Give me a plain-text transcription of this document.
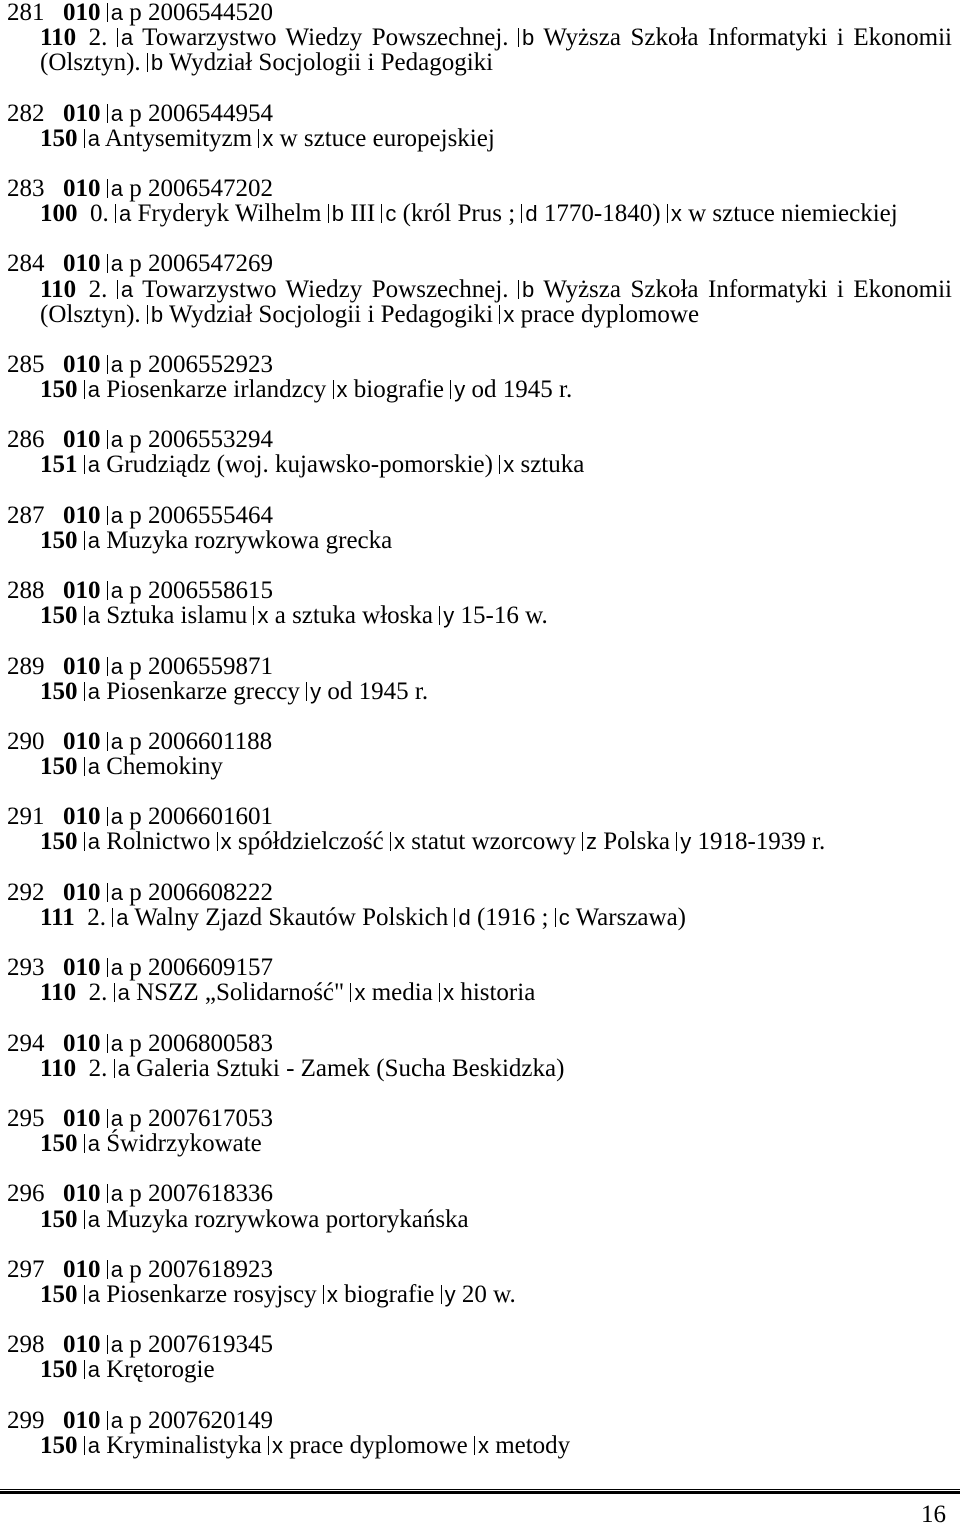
281 010 a p 2006544520
110 2. a Towarzystwo Wiedzy Powszechnej. b Wyższa Szkoła Informatyki i Ekonomii (Olsztyn). b Wydział Socjologii i Pedagogiki
282 010 a p 2006544954
150 a Antysemityzm x w sztuce europejskiej
283 010 a p 2006547202
100 0. a Fryderyk Wilhelm b III c (król Prus ; d 1770-1840) x w sztuce niemieckiej
284 010 a p 2006547269
110 2. a Towarzystwo Wiedzy Powszechnej. b Wyższa Szkoła Informatyki i Ekonomii (Olsztyn). b Wydział Socjologii i Pedagogiki x prace dyplomowe
285 010 a p 2006552923
150 a Piosenkarze irlandzcy x biografie y od 1945 r.
286 010 a p 2006553294
151 a Grudziądz (woj. kujawsko-pomorskie) x sztuka
287 010 a p 2006555464
150 a Muzyka rozrywkowa grecka
288 010 a p 2006558615
150 a Sztuka islamu x a sztuka włoska y 15-16 w.
289 010 a p 2006559871
150 a Piosenkarze greccy y od 1945 r.
290 010 a p 2006601188
150 a Chemokiny
291 010 a p 2006601601
150 a Rolnictwo x spółdzielczość x statut wzorcowy z Polska y 1918-1939 r.
292 010 a p 2006608222
111 2. a Walny Zjazd Skautów Polskich d (1916 ; c Warszawa)
293 010 a p 2006609157
110 2. a NSZZ „Solidarność" x media x historia
294 010 a p 2006800583
110 2. a Galeria Sztuki - Zamek (Sucha Beskidzka)
295 010 a p 2007617053
150 a Świdrzykowate
296 010 a p 2007618336
150 a Muzyka rozrywkowa portorykańska
297 010 a p 2007618923
150 a Piosenkarze rosyjscy x biografie y 20 w.
298 010 a p 2007619345
150 a Krętorogie
299 010 a p 2007620149
150 a Kryminalistyka x prace dyplomowe x metody
16
